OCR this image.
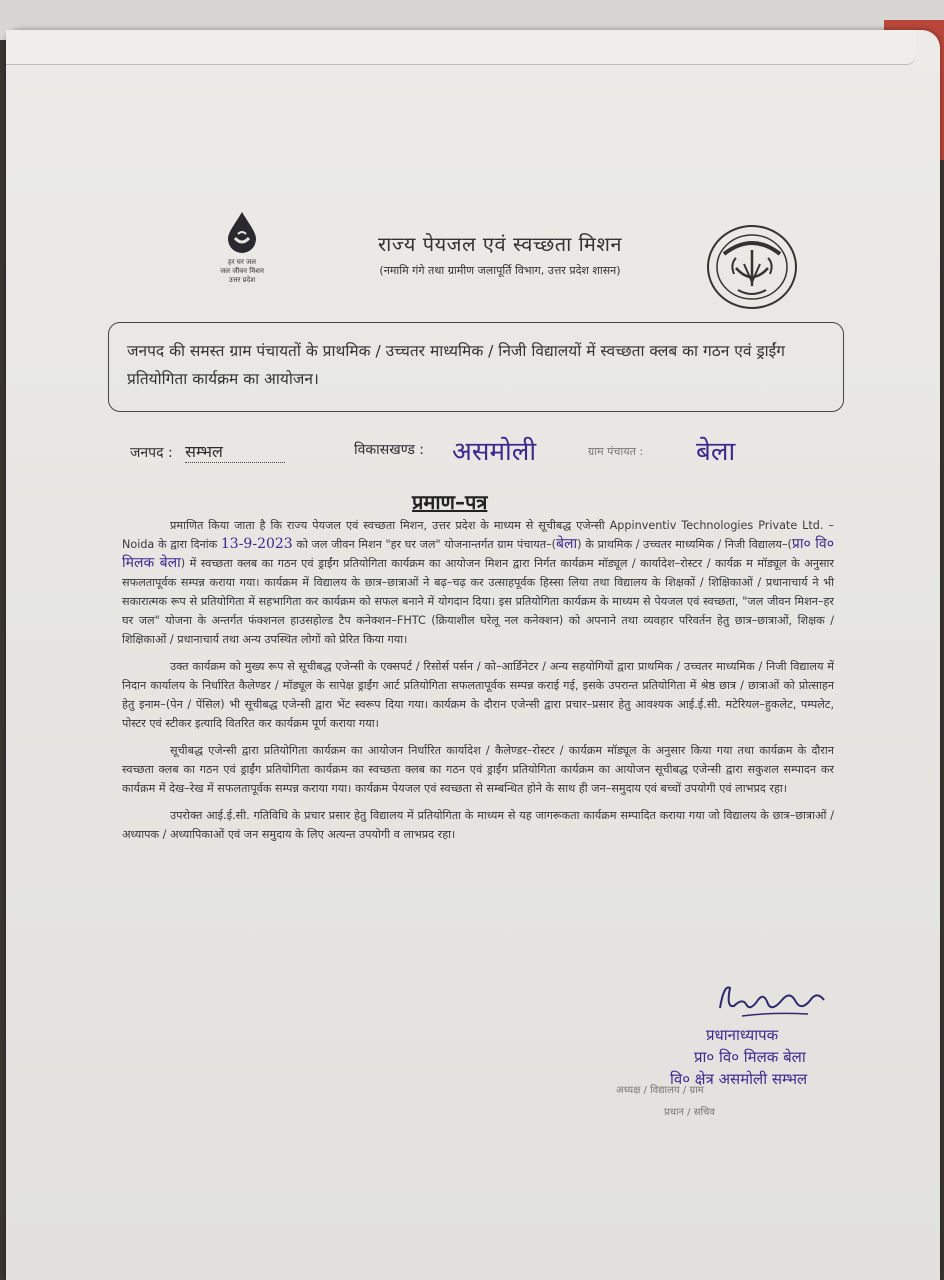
हर घर जल
जल जीवन मिशन
उत्तर प्रदेश
राज्य पेयजल एवं स्वच्छता मिशन
(नमामि गंगे तथा ग्रामीण जलापूर्ति विभाग, उत्तर प्रदेश शासन)
जनपद की समस्त ग्राम पंचायतों के प्राथमिक / उच्चतर माध्यमिक / निजी विद्यालयों में स्वच्छता क्लब का गठन एवं ड्राईंग प्रतियोगिता कार्यक्रम का आयोजन।
जनपद : सम्भल	विकासखण्ड : असमोली	ग्राम पंचायत : बेला
प्रमाण–पत्र

प्रमाणित किया जाता है कि राज्य पेयजल एवं स्वच्छता मिशन, उत्तर प्रदेश के माध्यम से सूचीबद्ध एजेन्सी Appinventiv Technologies Private Ltd. – Noida के द्वारा दिनांक 13-9-2023 को जल जीवन मिशन "हर घर जल" योजनान्तर्गत ग्राम पंचायत–(बेला) के प्राथमिक / उच्चतर माध्यमिक / निजी विद्यालय–(प्रा० वि० मिलक बेला) में स्वच्छता क्लब का गठन एवं ड्राईंग प्रतियोगिता कार्यक्रम का आयोजन मिशन द्वारा निर्गत कार्यक्रम मॉड्यूल / कार्यादेश–रोस्टर / कार्यक्र म मॉड्यूल के अनुसार सफलतापूर्वक सम्पन्न कराया गया। कार्यक्रम में विद्यालय के छात्र–छात्राओं ने बढ़–चढ़ कर उत्साहपूर्वक हिस्सा लिया तथा विद्यालय के शिक्षकों / शिक्षिकाओं / प्रधानाचार्य ने भी सकारात्मक रूप से प्रतियोगिता में सहभागिता कर कार्यक्रम को सफल बनाने में योगदान दिया। इस प्रतियोगिता कार्यक्रम के माध्यम से पेयजल एवं स्वच्छता, "जल जीवन मिशन–हर घर जल" योजना के अन्तर्गत फंक्शनल हाउसहोल्ड टैप कनेक्शन–FHTC (क्रियाशील घरेलू नल कनेक्शन) को अपनाने तथा व्यवहार परिवर्तन हेतु छात्र–छात्राओं, शिक्षक / शिक्षिकाओं / प्रधानाचार्य तथा अन्य उपस्थित लोगों को प्रेरित किया गया।

उक्त कार्यक्रम को मुख्य रूप से सूचीबद्ध एजेन्सी के एक्सपर्ट / रिसोर्स पर्सन / को–आर्डिनेटर / अन्य सहयोगियों द्वारा प्राथमिक / उच्चतर माध्यमिक / निजी विद्यालय में निदान कार्यालय के निर्धारित कैलेण्डर / मॉड्यूल के सापेक्ष ड्राईंग आर्ट प्रतियोगिता सफलतापूर्वक सम्पन्न कराई गई, इसके उपरान्त प्रतियोगिता में श्रेष्ठ छात्र / छात्राओं को प्रोत्साहन हेतु इनाम–(पेन / पेंसिल) भी सूचीबद्ध एजेन्सी द्वारा भेंट स्वरूप दिया गया। कार्यक्रम के दौरान एजेन्सी द्वारा प्रचार–प्रसार हेतु आवश्यक आई.ई.सी. मटेरियल–हुकलेट, पम्पलेट, पोस्टर एवं स्टीकर इत्यादि वितरित कर कार्यक्रम पूर्ण कराया गया।

सूचीबद्ध एजेन्सी द्वारा प्रतियोगिता कार्यक्रम का आयोजन निर्धारित कार्यादेश / कैलेण्डर–रोस्टर / कार्यक्रम मॉड्यूल के अनुसार किया गया तथा कार्यक्रम के दौरान स्वच्छता क्लब का गठन एवं ड्राईंग प्रतियोगिता कार्यक्रम का स्वच्छता क्लब का गठन एवं ड्राईंग प्रतियोगिता कार्यक्रम का आयोजन सूचीबद्ध एजेन्सी द्वारा सकुशल सम्पादन कर कार्यक्रम में देख–रेख में सफलतापूर्वक सम्पन्न कराया गया। कार्यक्रम पेयजल एवं स्वच्छता से सम्बन्धित होने के साथ ही जन–समुदाय एवं बच्चों उपयोगी एवं लाभप्रद रहा।

उपरोक्त आई.ई.सी. गतिविधि के प्रचार प्रसार हेतु विद्यालय में प्रतियोगिता के माध्यम से यह जागरूकता कार्यक्रम सम्पादित कराया गया जो विद्यालय के छात्र–छात्राओं / अध्यापक / अध्यापिकाओं एवं जन समुदाय के लिए अत्यन्त उपयोगी व लाभप्रद रहा।

प्रधानाध्यापक
प्रा० वि० मिलक बेला
वि० क्षेत्र असमोली सम्भल
अध्यक्ष / विद्यालय / ग्राम
प्रधान / सचिव
